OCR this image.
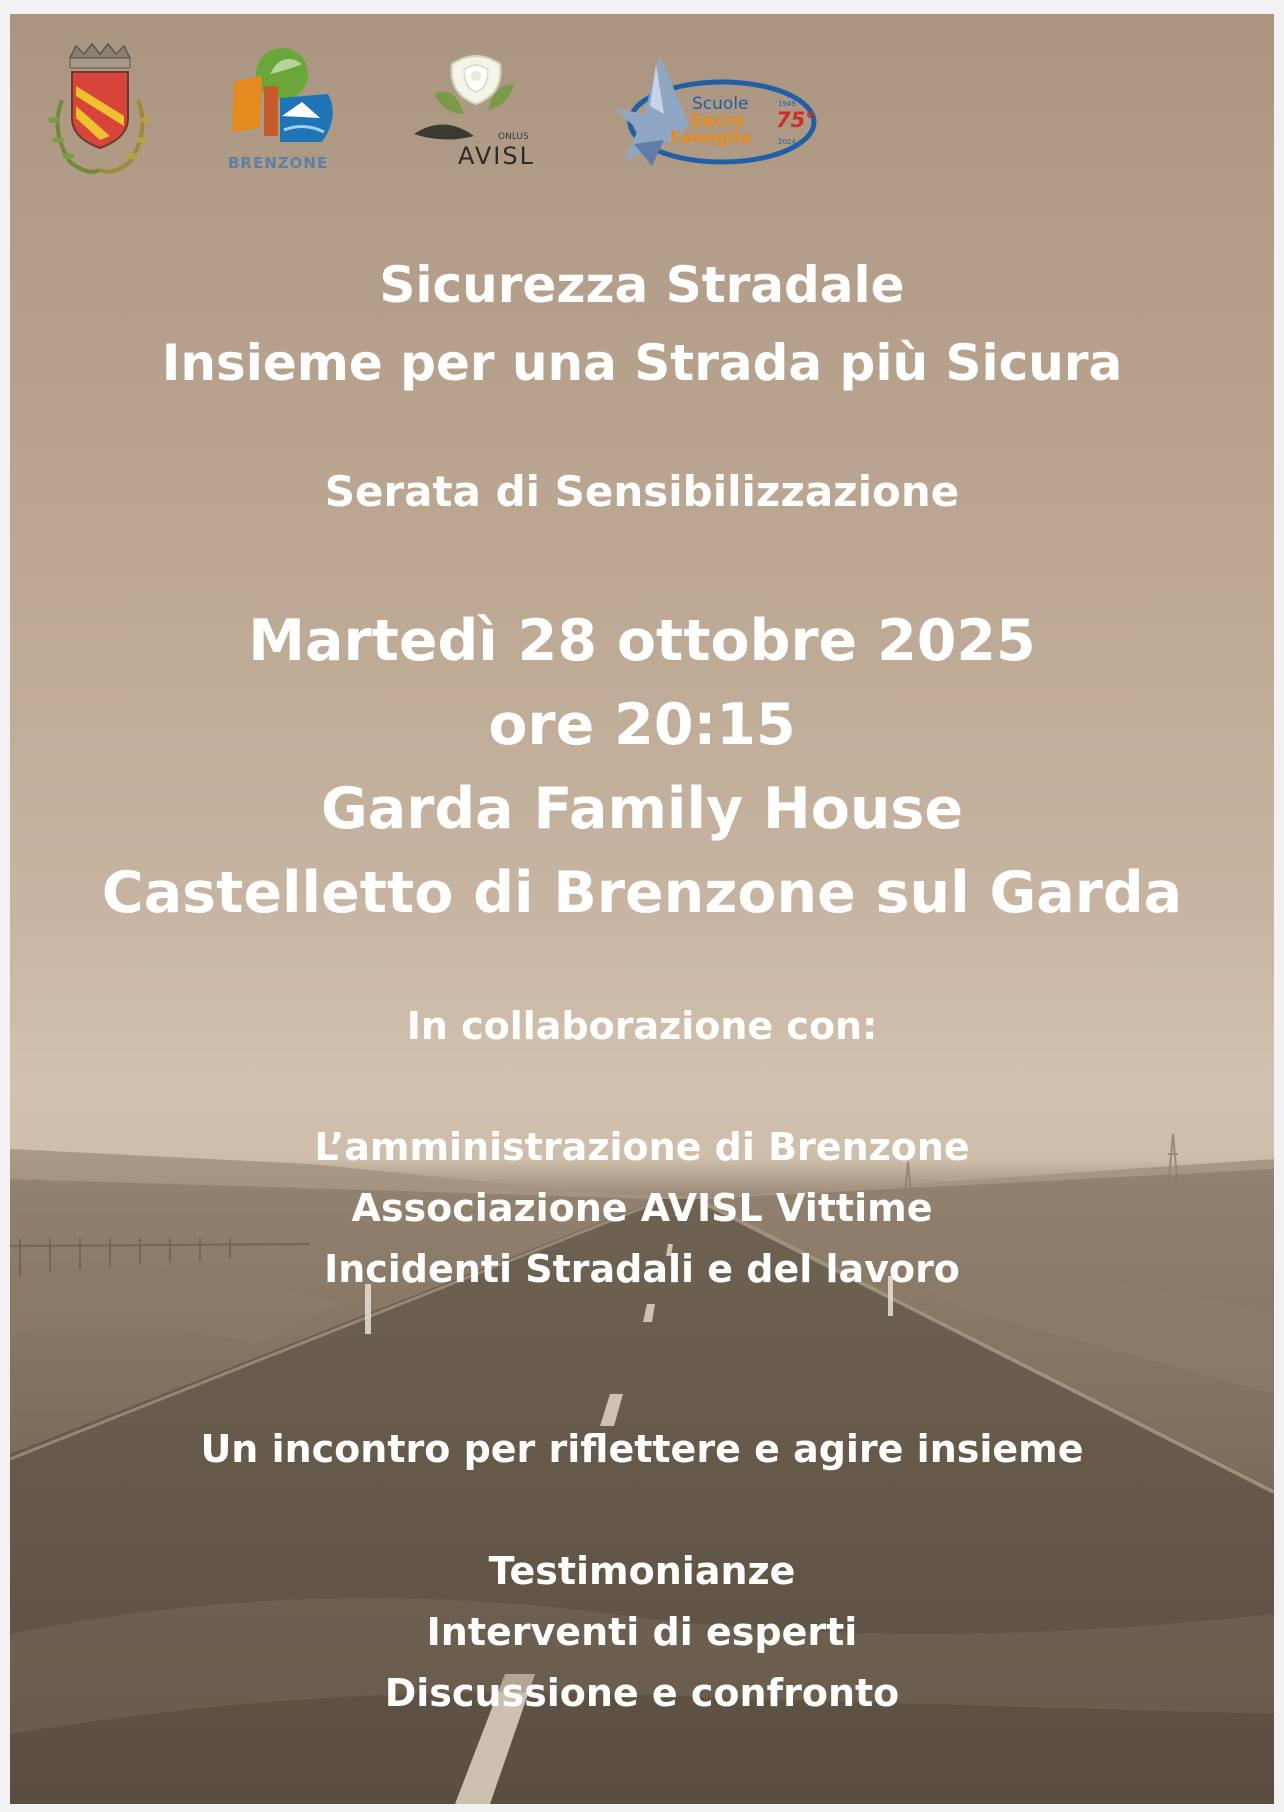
BRENZONE
ONLUS
AVISL
Scuole
Sacra
Famiglia
75°
1949
2024
Sicurezza Stradale
Insieme per una Strada più Sicura
Serata di Sensibilizzazione
Martedì 28 ottobre 2025
ore 20:15
Garda Family House
Castelletto di Brenzone sul Garda
In collaborazione con:
L’amministrazione di Brenzone
Associazione AVISL Vittime
Incidenti Stradali e del lavoro
Un incontro per riflettere e agire insieme
Testimonianze
Interventi di esperti
Discussione e confronto
